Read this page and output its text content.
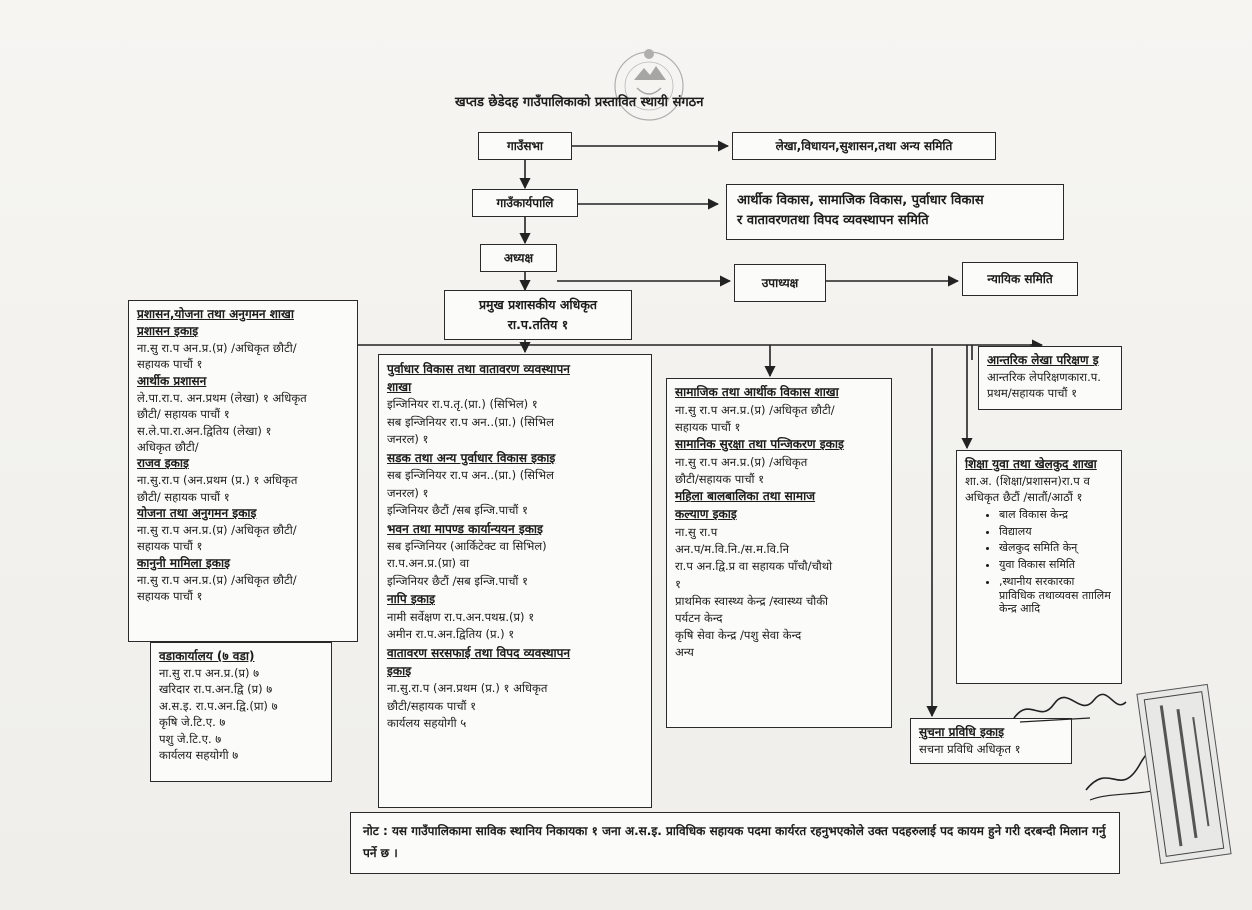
खप्तड छेडेदह गाउँपालिकाको प्रस्तावित स्थायी संगठन
गाउँसभा	लेखा,विधायन,सुशासन,तथा अन्य समिति
गाउँकार्यपालि	आर्थीक विकास, सामाजिक विकास, पुर्वाधार विकास
र वातावरणतथा विपद व्यवस्थापन समिति
अध्यक्ष
उपाध्यक्ष	न्यायिक समिति
प्रमुख प्रशासकीय अधिकृत
रा.प.ततिय १
प्रशासन,योजना तथा अनुगमन शाखा
प्रशासन इकाइ
ना.सु रा.प अन.प्र.(प्र) /अधिकृत छौटी/
सहायक पाचौं १
आर्थीक प्रशासन
ले.पा.रा.प. अन.प्रथम (लेखा) १ अधिकृत
छौटी/ सहायक पाचौं १
स.ले.पा.रा.अन.द्वितिय (लेखा) १
अधिकृत छौटी/
राजव इकाइ
ना.सु.रा.प (अन.प्रथम (प्र.) १ अधिकृत
छौटी/ सहायक पाचौं १
योजना तथा अनुगमन इकाइ
ना.सु रा.प अन.प्र.(प्र) /अधिकृत छौटी/
सहायक पाचौं १
कानुनी मामिला इकाइ
ना.सु रा.प अन.प्र.(प्र) /अधिकृत छौटी/
सहायक पाचौं १
वडाकार्यालय (७ वडा)
ना.सु रा.प अन.प्र.(प्र) ७
खरिदार रा.प.अन.द्वि (प्र) ७
अ.स.इ. रा.प.अन.द्वि.(प्रा) ७
कृषि जे.टि.ए. ७
पशु जे.टि.ए. ७
कार्यलय सहयोगी ७
पुर्वाधार विकास तथा वातावरण व्यवस्थापन
शाखा
इन्जिनियर रा.प.तृ.(प्रा.) (सिभिल) १
सब इन्जिनियर रा.प अन..(प्रा.) (सिभिल
जनरल) १
सडक तथा अन्य पुर्वाधार विकास इकाइ
सब इन्जिनियर रा.प अन..(प्रा.) (सिभिल
जनरल) १
इन्जिनियर छैटौं /सब इन्जि.पाचौं १
भवन तथा मापण्ड कार्यान्ययन इकाइ
सब इन्जिनियर (आर्किटेक्ट वा सिभिल)
रा.प.अन.प्र.(प्रा) वा
इन्जिनियर छैटौं /सब इन्जि.पाचौं १
नापि इकाइ
नामी सर्वेक्षण रा.प.अन.पथम्र.(प्र) १
अमीन रा.प.अन.द्वितिय (प्र.) १
वातावरण सरसफाई तथा विपद व्यवस्थापन
इकाइ
ना.सु.रा.प (अन.प्रथम (प्र.) १ अधिकृत
छौटी/सहायक पाचौं १
कार्यलय सहयोगी ५
सामाजिक तथा आर्थीक विकास शाखा
ना.सु रा.प अन.प्र.(प्र) /अधिकृत छौटी/
सहायक पाचौं १
सामानिक सुरक्षा तथा पन्जिकरण इकाइ
ना.सु रा.प अन.प्र.(प्र) /अधिकृत
छौटी/सहायक पाचौं १
महिला बालबालिका तथा सामाज
कल्याण इकाइ
ना.सु रा.प
अन.प/म.वि.नि./स.म.वि.नि
रा.प अन.द्वि.प्र वा सहायक पाँचौ/चौथो
१
प्राथमिक स्वास्थ्य केन्द्र /स्वास्थ्य चौकी
पर्यटन केन्द
कृषि सेवा केन्द्र /पशु सेवा केन्द
अन्य
आन्तरिक लेखा परिक्षण इ
आन्तरिक लेपरिक्षणकारा.प.
प्रथम/सहायक पाचौं १
शिक्षा युवा तथा खेलकुद शाखा
शा.अ. (शिक्षा/प्रशासन)रा.प व
अधिकृत छैटौं /सातौं/आठौं १
• बाल विकास केन्द्र
• विद्यालय
• खेलकुद समिति केन्
• युवा विकास समिति
• ,स्थानीय सरकारका प्राविधिक तथाव्यवस ताालिम केन्द्र आदि
सुचना प्रविधि इकाइ
सचना प्रविधि अधिकृत १
नोट : यस गाउँपालिकामा साविक स्थानिय निकायका १ जना अ.स.इ. प्राविधिक सहायक पदमा कार्यरत रहनुभएकोले उक्त पदहरुलाई पद कायम हुने गरी दरबन्दी मिलान गर्नु पर्ने छ ।
